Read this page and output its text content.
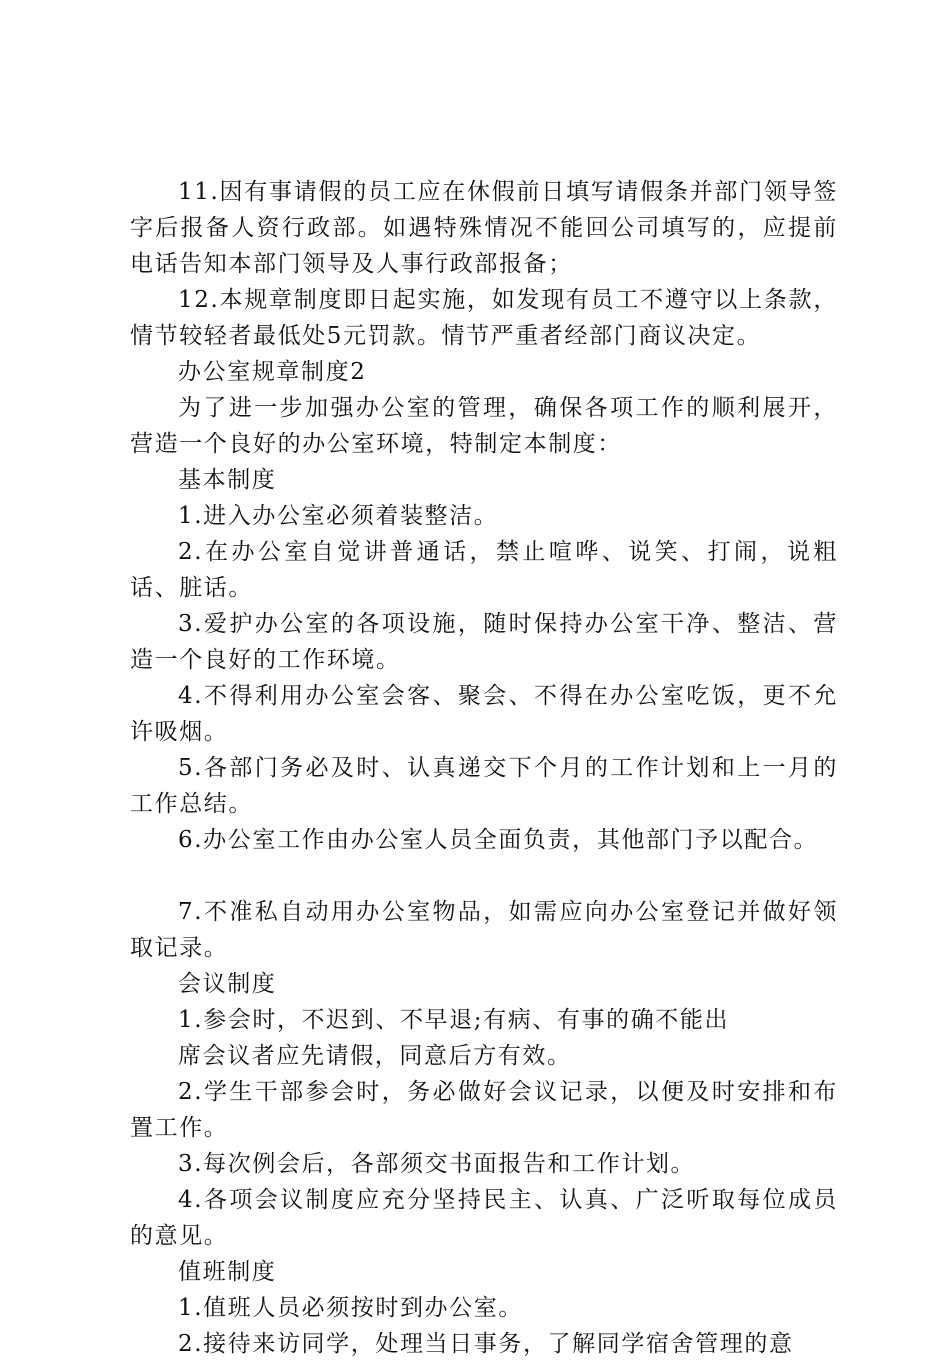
11.因有事请假的员工应在休假前日填写请假条并部门领导签字后报备人资行政部。如遇特殊情况不能回公司填写的，应提前电话告知本部门领导及人事行政部报备；

12.本规章制度即日起实施，如发现有员工不遵守以上条款，情节较轻者最低处5元罚款。情节严重者经部门商议决定。

办公室规章制度2

为了进一步加强办公室的管理，确保各项工作的顺利展开，营造一个良好的办公室环境，特制定本制度：

基本制度

1.进入办公室必须着装整洁。

2.在办公室自觉讲普通话，禁止喧哗、说笑、打闹，说粗话、脏话。

3.爱护办公室的各项设施，随时保持办公室干净、整洁、营造一个良好的工作环境。

4.不得利用办公室会客、聚会、不得在办公室吃饭，更不允许吸烟。

5.各部门务必及时、认真递交下个月的工作计划和上一月的工作总结。

6.办公室工作由办公室人员全面负责，其他部门予以配合。

7.不准私自动用办公室物品，如需应向办公室登记并做好领取记录。

会议制度

1.参会时，不迟到、不早退;有病、有事的确不能出

席会议者应先请假，同意后方有效。

2.学生干部参会时，务必做好会议记录，以便及时安排和布置工作。

3.每次例会后，各部须交书面报告和工作计划。

4.各项会议制度应充分坚持民主、认真、广泛听取每位成员的意见。

值班制度

1.值班人员必须按时到办公室。

2.接待来访同学，处理当日事务，了解同学宿舍管理的意
